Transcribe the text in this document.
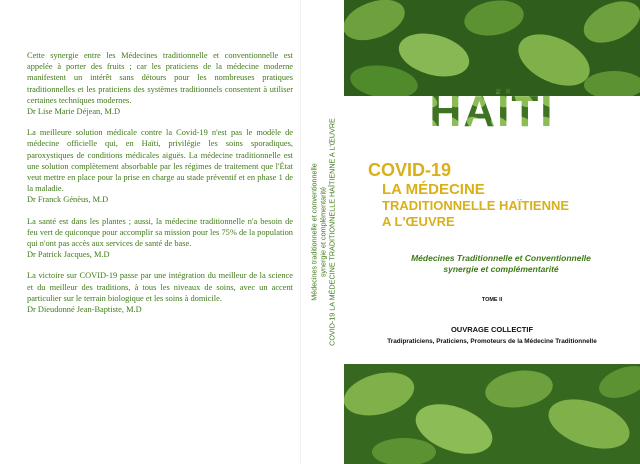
Cette synergie entre les Médecines traditionnelle et conventionnelle est appelée à porter des fruits ; car les praticiens de la médecine moderne manifestent un intérêt sans détours pour les nombreuses pratiques traditionnelles et les praticiens des systèmes traditionnels consentent à utiliser certaines techniques modernes.
Dr Lise Marie Déjean, M.D

La meilleure solution médicale contre la Covid-19 n'est pas le modèle de médecine officielle qui, en Haïti, privilégie les soins sporadiques, paroxystiques de conditions médicales aiguës. La médecine traditionnelle est une solution complètement absorbable par les régimes de traitement que l'État veut mettre en place pour la prise en charge au stade préventif et en phase 1 de la maladie.
Dr Franck Génèus, M.D

La santé est dans les plantes ; aussi, la médecine traditionnelle n'a besoin de feu vert de quiconque pour accomplir sa mission pour les 75% de la population qui n'ont pas accès aux services de santé de base.
Dr Patrick Jacques, M.D

La victoire sur COVID-19 passe par une intégration du meilleur de la science et du meilleur des traditions, à tous les niveaux de soins, avec un accent particulier sur le terrain biologique et les soins à domicile.
Dr Dieudonné Jean-Baptiste, M.D

Médecines traditionnelle et conventionnelle synergie et complémentarité COVID-19 LA MÉDECINE TRADITIONNELLE HAÏTIENNE A L'ŒUVRE
HAÏTI
COVID-19
LA MÉDECINE
TRADITIONNELLE HAÏTIENNE
A L'ŒUVRE
Médecines Traditionnelle et Conventionnelle
synergie et complémentarité
TOME II
OUVRAGE COLLECTIF
Tradipraticiens, Praticiens, Promoteurs de la Médecine Traditionnelle
